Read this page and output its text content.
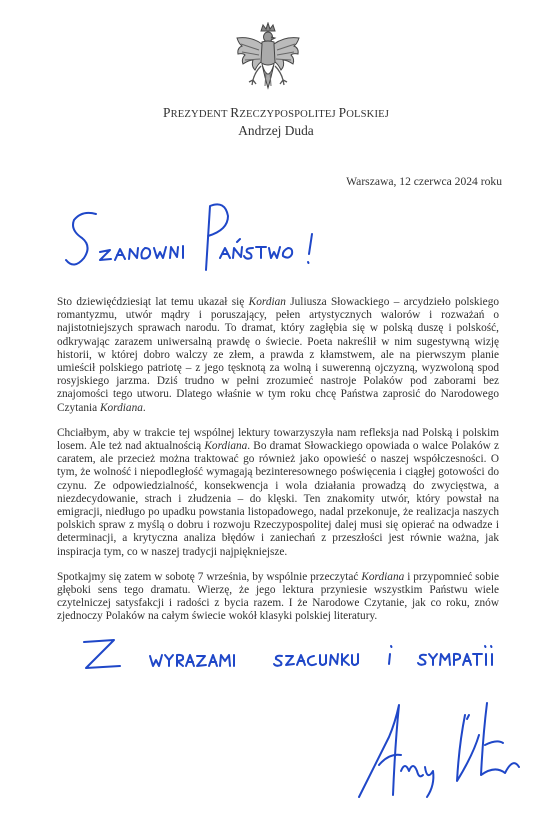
PREZYDENT RZECZYPOSPOLITEJ POLSKIEJ
Andrzej Duda
Warszawa, 12 czerwca 2024 roku

Sto dziewięćdziesiąt lat temu ukazał się Kordian Juliusza Słowackiego – arcydzieło polskiego romantyzmu, utwór mądry i poruszający, pełen artystycznych walorów i rozważań o najistotniejszych sprawach narodu. To dramat, który zagłębia się w polską duszę i polskość, odkrywając zarazem uniwersalną prawdę o świecie. Poeta nakreślił w nim sugestywną wizję historii, w której dobro walczy ze złem, a prawda z kłamstwem, ale na pierwszym planie umieścił polskiego patriotę – z jego tęsknotą za wolną i suwerenną ojczyzną, wyzwoloną spod rosyjskiego jarzma. Dziś trudno w pełni zrozumieć nastroje Polaków pod zaborami bez znajomości tego utworu. Dlatego właśnie w tym roku chcę Państwa zaprosić do Narodowego Czytania Kordiana.

Chciałbym, aby w trakcie tej wspólnej lektury towarzyszyła nam refleksja nad Polską i polskim losem. Ale też nad aktualnością Kordiana. Bo dramat Słowackiego opowiada o walce Polaków z caratem, ale przecież można traktować go również jako opowieść o naszej współczesności. O tym, że wolność i niepodległość wymagają bezinteresownego poświęcenia i ciągłej gotowości do czynu. Ze odpowiedzialność, konsekwencja i wola działania prowadzą do zwycięstwa, a niezdecydowanie, strach i złudzenia – do klęski. Ten znakomity utwór, który powstał na emigracji, niedługo po upadku powstania listopadowego, nadal przekonuje, że realizacja naszych polskich spraw z myślą o dobru i rozwoju Rzeczypospolitej dalej musi się opierać na odwadze i determinacji, a krytyczna analiza błędów i zaniechań z przeszłości jest równie ważna, jak inspiracja tym, co w naszej tradycji najpiękniejsze.

Spotkajmy się zatem w sobotę 7 września, by wspólnie przeczytać Kordiana i przypomnieć sobie głęboki sens tego dramatu. Wierzę, że jego lektura przyniesie wszystkim Państwu wiele czytelniczej satysfakcji i radości z bycia razem. I że Narodowe Czytanie, jak co roku, znów zjednoczy Polaków na całym świecie wokół klasyki polskiej literatury.
